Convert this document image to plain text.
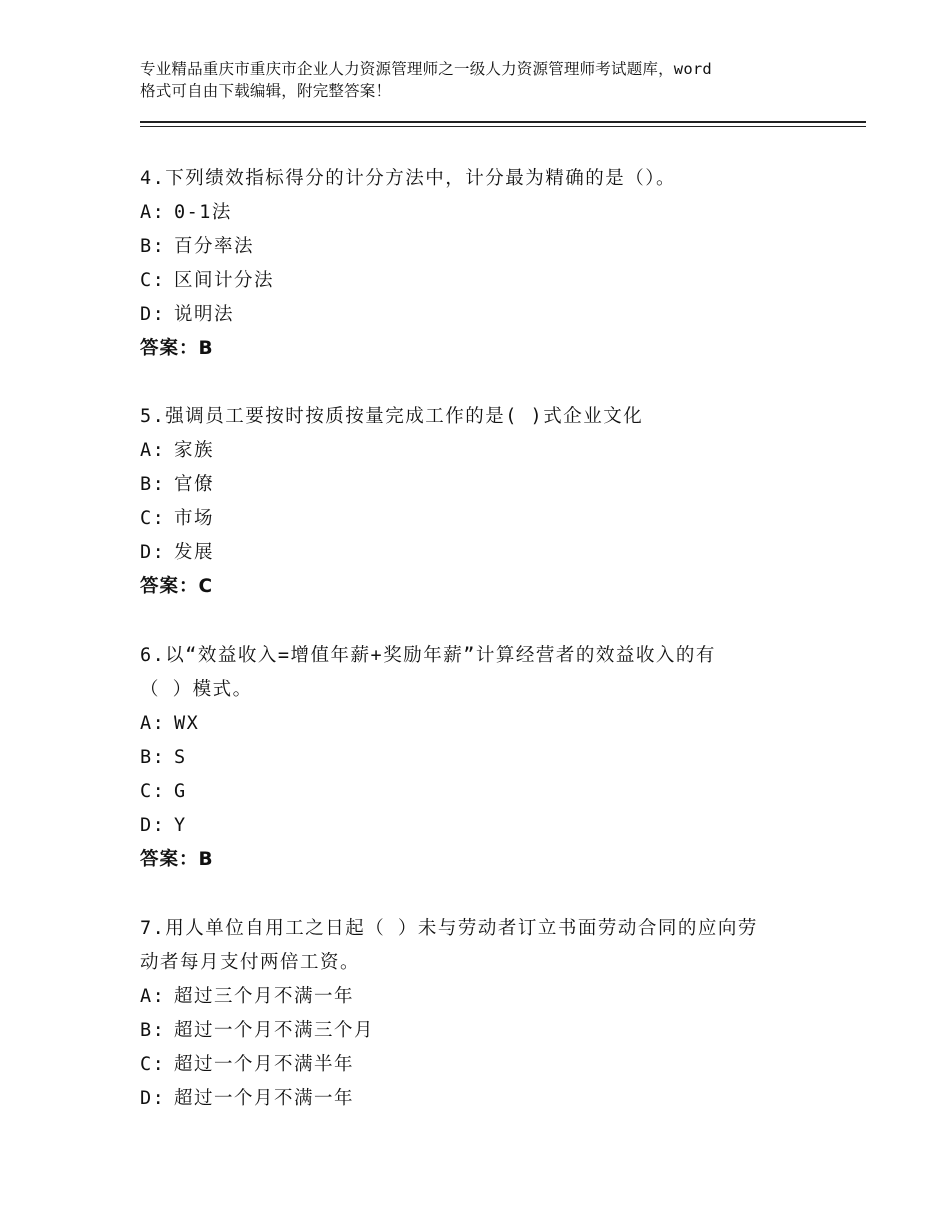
专业精品重庆市重庆市企业人力资源管理师之一级人力资源管理师考试题库，word
格式可自由下载编辑，附完整答案！
4.下列绩效指标得分的计分方法中，计分最为精确的是（）。
A: 0-1法
B: 百分率法
C: 区间计分法
D: 说明法
答案：B
5.强调员工要按时按质按量完成工作的是( )式企业文化
A: 家族
B: 官僚
C: 市场
D: 发展
答案：C
6.以“效益收入=增值年薪+奖励年薪”计算经营者的效益收入的有
（ ）模式。
A: WX
B: S
C: G
D: Y
答案：B
7.用人单位自用工之日起（ ）未与劳动者订立书面劳动合同的应向劳
动者每月支付两倍工资。
A: 超过三个月不满一年
B: 超过一个月不满三个月
C: 超过一个月不满半年
D: 超过一个月不满一年
